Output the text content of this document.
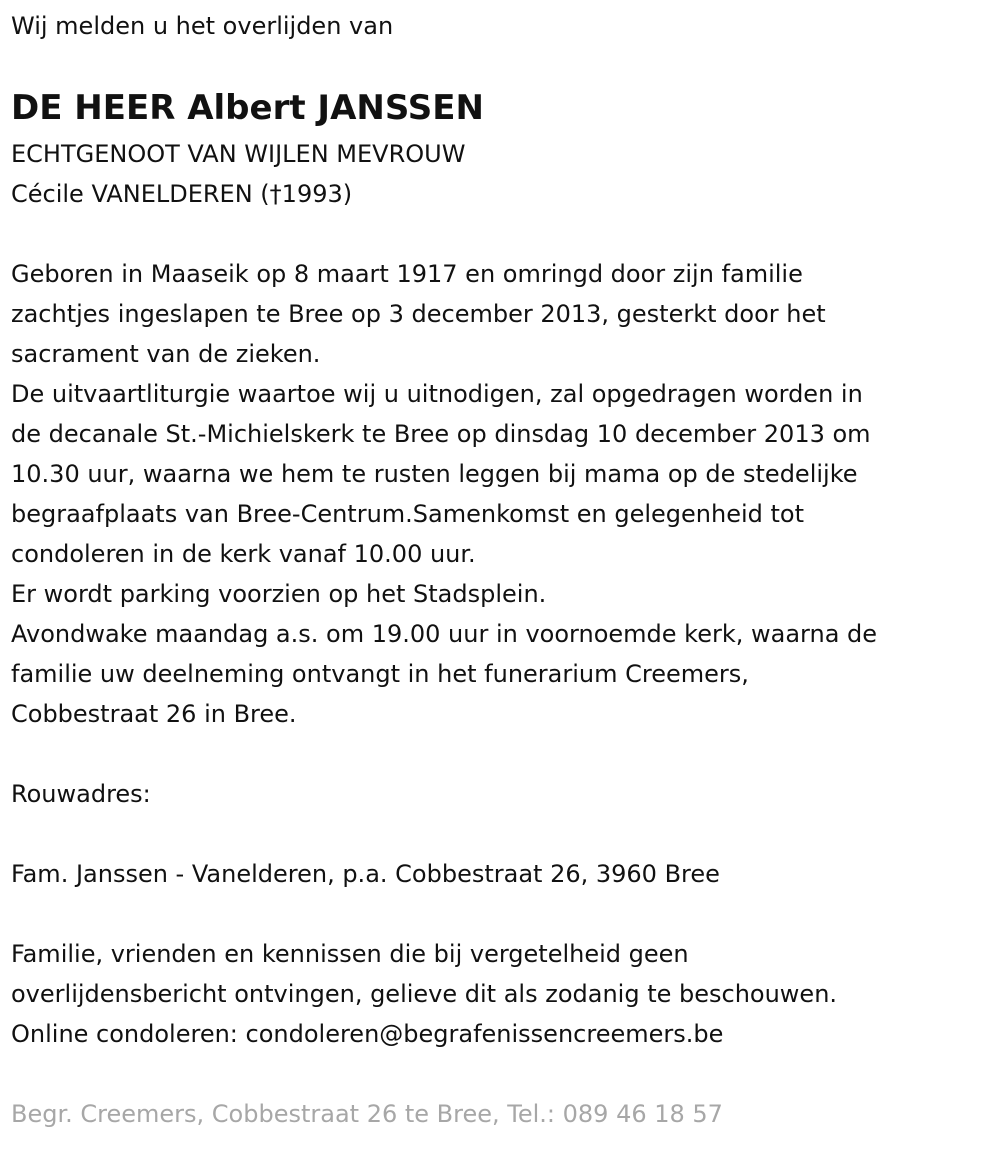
Wij melden u het overlijden van

DE HEER Albert JANSSEN

ECHTGENOOT VAN WIJLEN MEVROUW

Cécile VANELDEREN (†1993)

Geboren in Maaseik op 8 maart 1917 en omringd door zijn familie

zachtjes ingeslapen te Bree op 3 december 2013, gesterkt door het

sacrament van de zieken.

De uitvaartliturgie waartoe wij u uitnodigen, zal opgedragen worden in

de decanale St.-Michielskerk te Bree op dinsdag 10 december 2013 om

10.30 uur, waarna we hem te rusten leggen bij mama op de stedelijke

begraafplaats van Bree-Centrum.Samenkomst en gelegenheid tot

condoleren in de kerk vanaf 10.00 uur.

Er wordt parking voorzien op het Stadsplein.

Avondwake maandag a.s. om 19.00 uur in voornoemde kerk, waarna de

familie uw deelneming ontvangt in het funerarium Creemers,

Cobbestraat 26 in Bree.

Rouwadres:

Fam. Janssen - Vanelderen, p.a. Cobbestraat 26, 3960 Bree

Familie, vrienden en kennissen die bij vergetelheid geen

overlijdensbericht ontvingen, gelieve dit als zodanig te beschouwen.

Online condoleren: condoleren@begrafenissencreemers.be

Begr. Creemers, Cobbestraat 26 te Bree, Tel.: 089 46 18 57
